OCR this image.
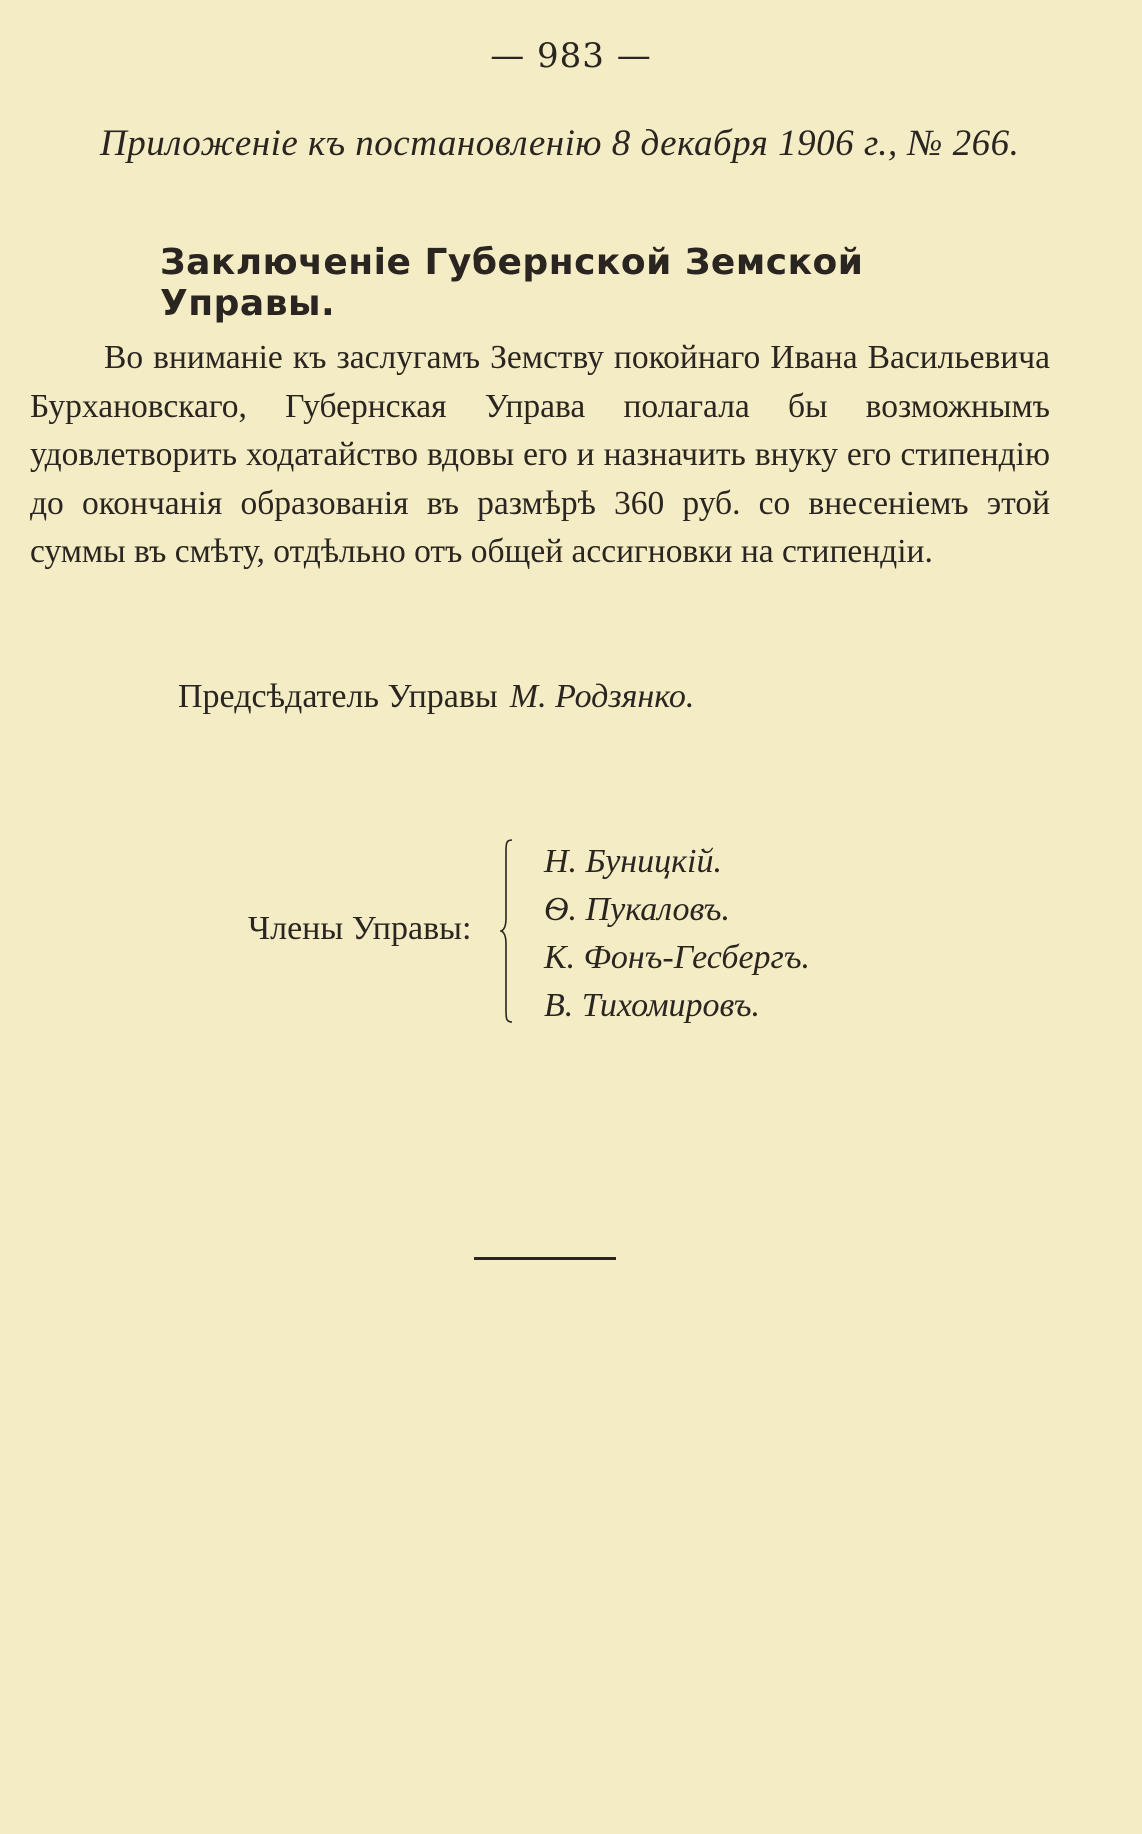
— 983 —
Приложеніе къ постановленію 8 декабря 1906 г., № 266.
Заключеніе Губернской Земской Управы.
Во вниманіе къ заслугамъ Земству покойнаго Ивана Васильевича Бурхановскаго, Губернская Управа полагала бы возможнымъ удовлетворить ходатайство вдовы его и назначить внуку его стипендію до окончанія образованія въ размѣрѣ 360 руб. со внесеніемъ этой суммы въ смѣту, отдѣльно отъ общей ассигновки на стипендіи.
Предсѣдатель Управы М. Родзянко.
Члены Управы:
Н. Буницкій.
Ѳ. Пукаловъ.
К. Фонъ-Гесбергъ.
В. Тихомировъ.
